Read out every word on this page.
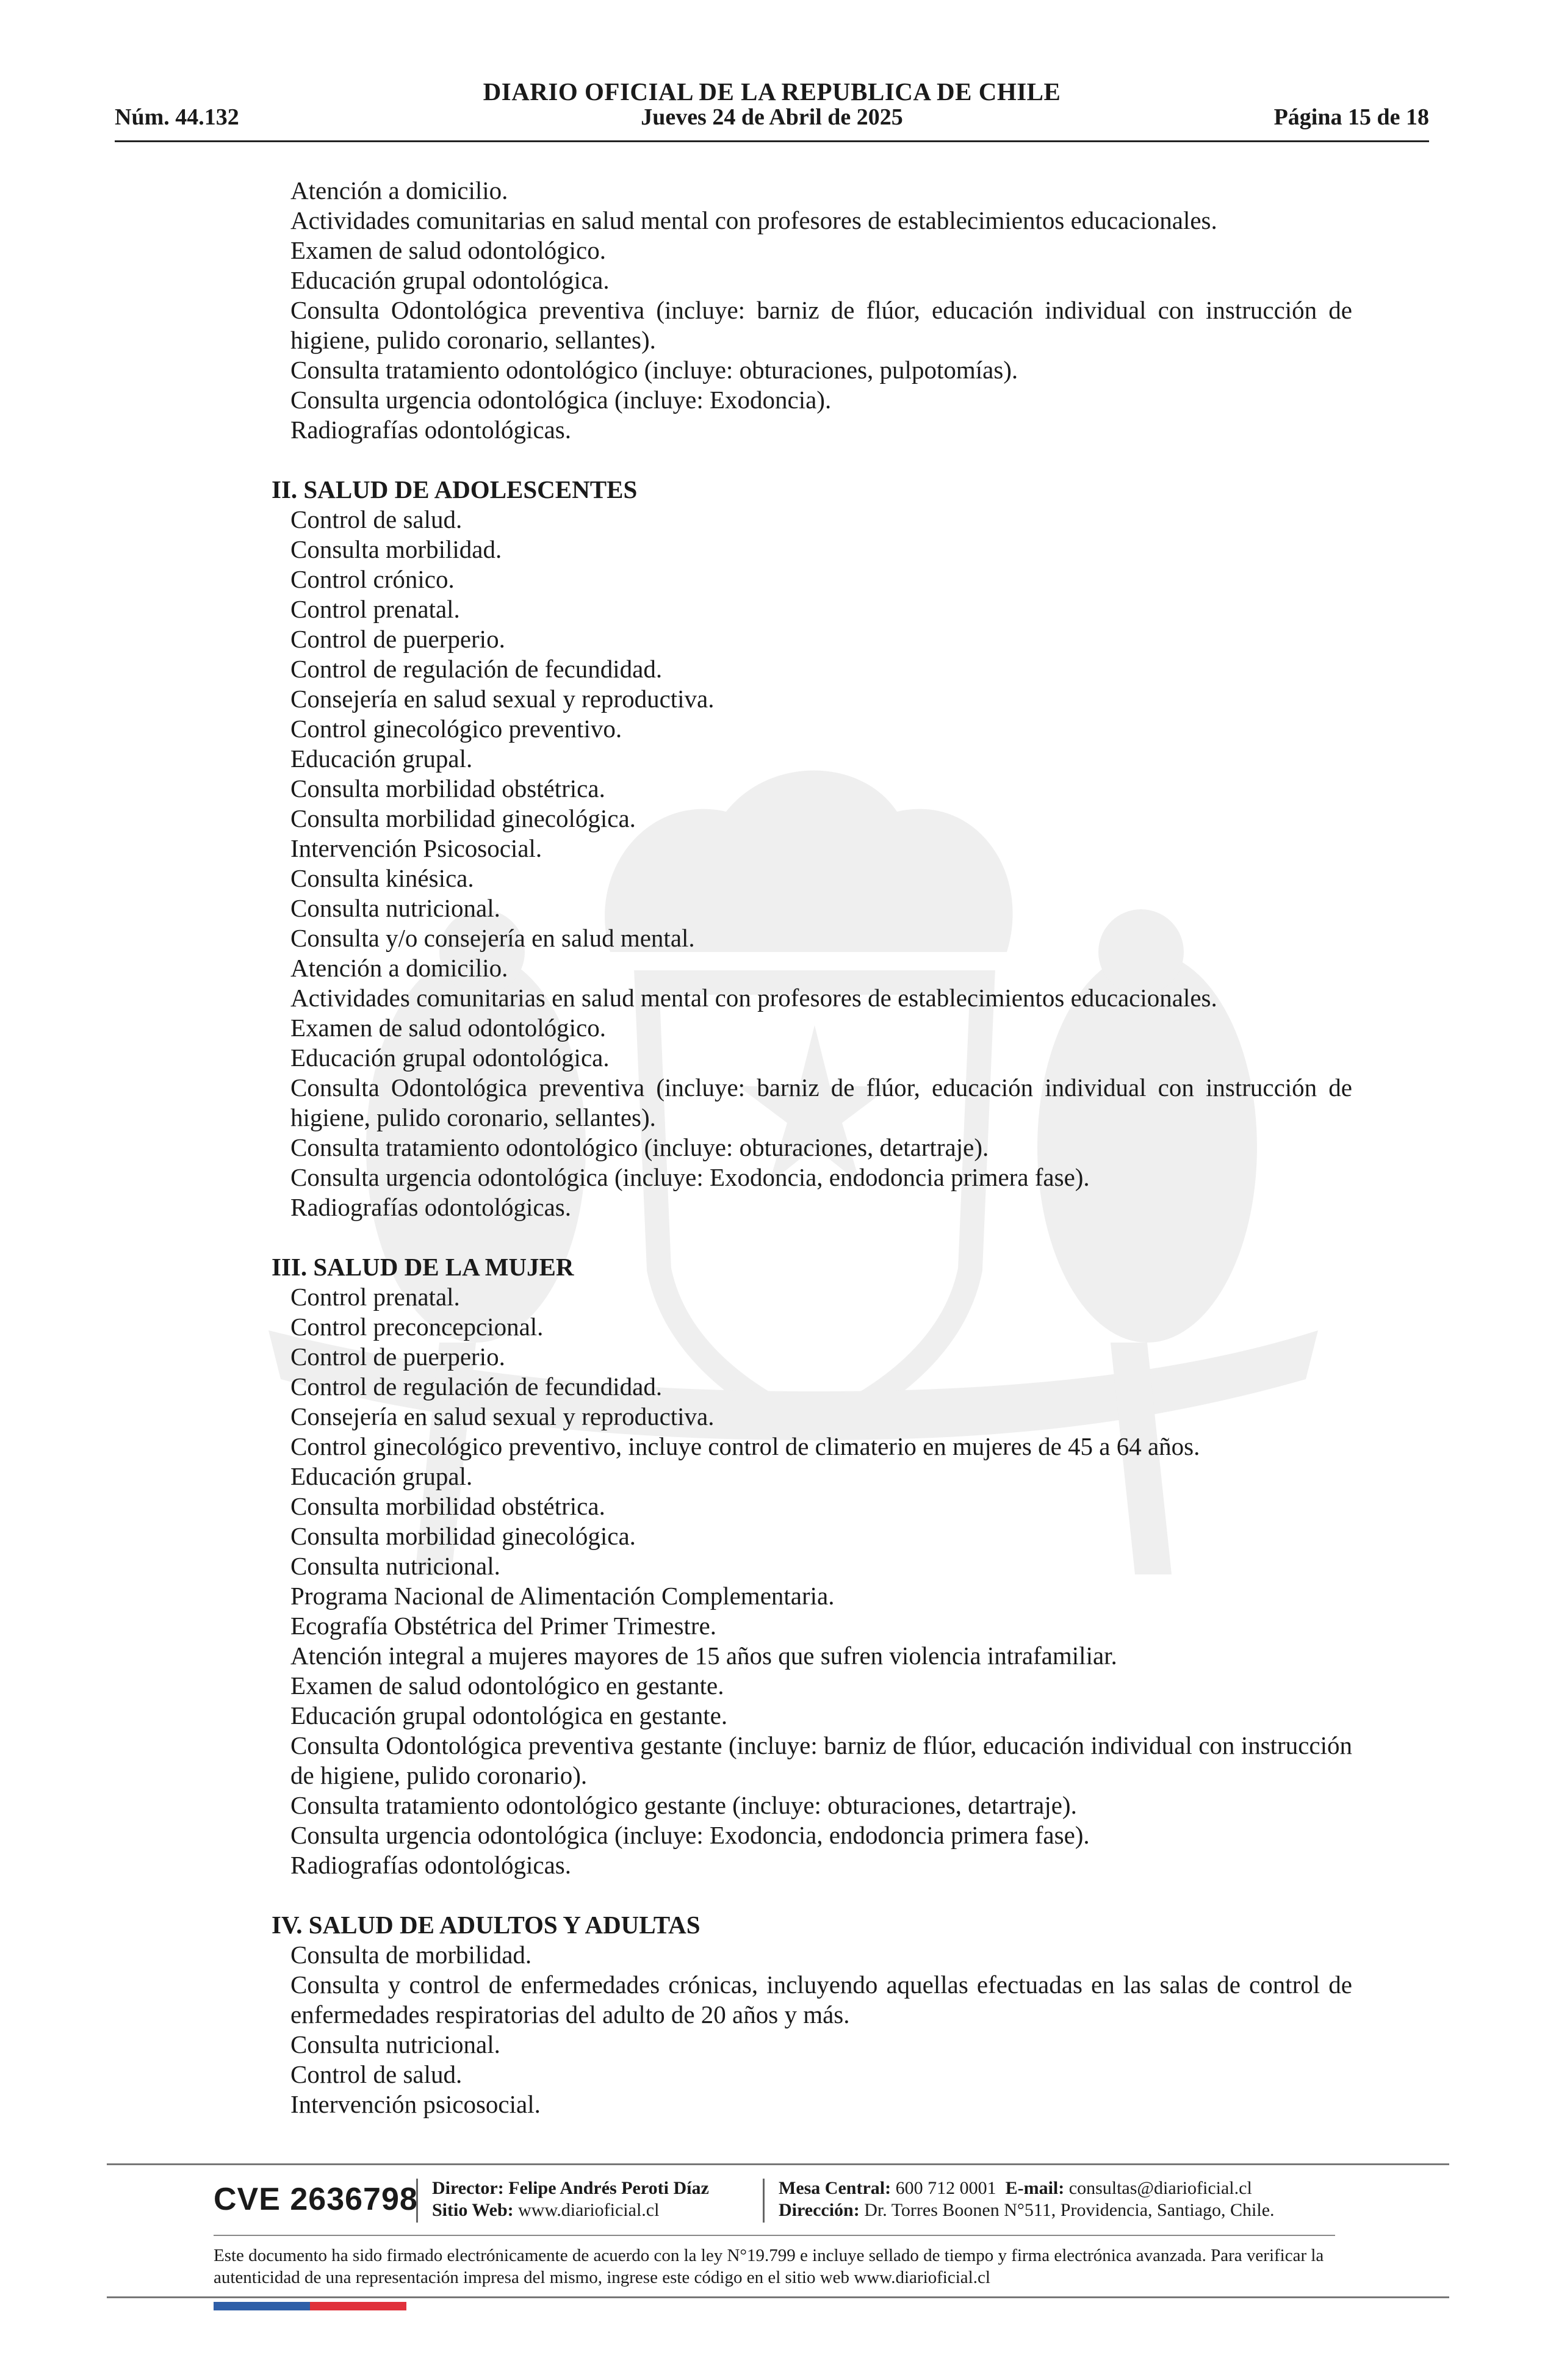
DIARIO OFICIAL DE LA REPUBLICA DE CHILE
Núm. 44.132	Jueves 24 de Abril de 2025	Página 15 de 18
Atención a domicilio.
Actividades comunitarias en salud mental con profesores de establecimientos educacionales.
Examen de salud odontológico.
Educación grupal odontológica.
Consulta Odontológica preventiva (incluye: barniz de flúor, educación individual con instrucción de higiene, pulido coronario, sellantes).
Consulta tratamiento odontológico (incluye: obturaciones, pulpotomías).
Consulta urgencia odontológica (incluye: Exodoncia).
Radiografías odontológicas.
II. SALUD DE ADOLESCENTES
Control de salud.
Consulta morbilidad.
Control crónico.
Control prenatal.
Control de puerperio.
Control de regulación de fecundidad.
Consejería en salud sexual y reproductiva.
Control ginecológico preventivo.
Educación grupal.
Consulta morbilidad obstétrica.
Consulta morbilidad ginecológica.
Intervención Psicosocial.
Consulta kinésica.
Consulta nutricional.
Consulta y/o consejería en salud mental.
Atención a domicilio.
Actividades comunitarias en salud mental con profesores de establecimientos educacionales.
Examen de salud odontológico.
Educación grupal odontológica.
Consulta Odontológica preventiva (incluye: barniz de flúor, educación individual con instrucción de higiene, pulido coronario, sellantes).
Consulta tratamiento odontológico (incluye: obturaciones, detartraje).
Consulta urgencia odontológica (incluye: Exodoncia, endodoncia primera fase).
Radiografías odontológicas.
III. SALUD DE LA MUJER
Control prenatal.
Control preconcepcional.
Control de puerperio.
Control de regulación de fecundidad.
Consejería en salud sexual y reproductiva.
Control ginecológico preventivo, incluye control de climaterio en mujeres de 45 a 64 años.
Educación grupal.
Consulta morbilidad obstétrica.
Consulta morbilidad ginecológica.
Consulta nutricional.
Programa Nacional de Alimentación Complementaria.
Ecografía Obstétrica del Primer Trimestre.
Atención integral a mujeres mayores de 15 años que sufren violencia intrafamiliar.
Examen de salud odontológico en gestante.
Educación grupal odontológica en gestante.
Consulta Odontológica preventiva gestante (incluye: barniz de flúor, educación individual con instrucción de higiene, pulido coronario).
Consulta tratamiento odontológico gestante (incluye: obturaciones, detartraje).
Consulta urgencia odontológica (incluye: Exodoncia, endodoncia primera fase).
Radiografías odontológicas.
IV. SALUD DE ADULTOS Y ADULTAS
Consulta de morbilidad.
Consulta y control de enfermedades crónicas, incluyendo aquellas efectuadas en las salas de control de enfermedades respiratorias del adulto de 20 años y más.
Consulta nutricional.
Control de salud.
Intervención psicosocial.
CVE 2636798 Director: Felipe Andrés Peroti Díaz
Sitio Web: www.diarioficial.cl
Mesa Central: 600 712 0001 E-mail: consultas@diarioficial.cl
Dirección: Dr. Torres Boonen N°511, Providencia, Santiago, Chile.
Este documento ha sido firmado electrónicamente de acuerdo con la ley N°19.799 e incluye sellado de tiempo y firma electrónica avanzada. Para verificar la autenticidad de una representación impresa del mismo, ingrese este código en el sitio web www.diarioficial.cl
